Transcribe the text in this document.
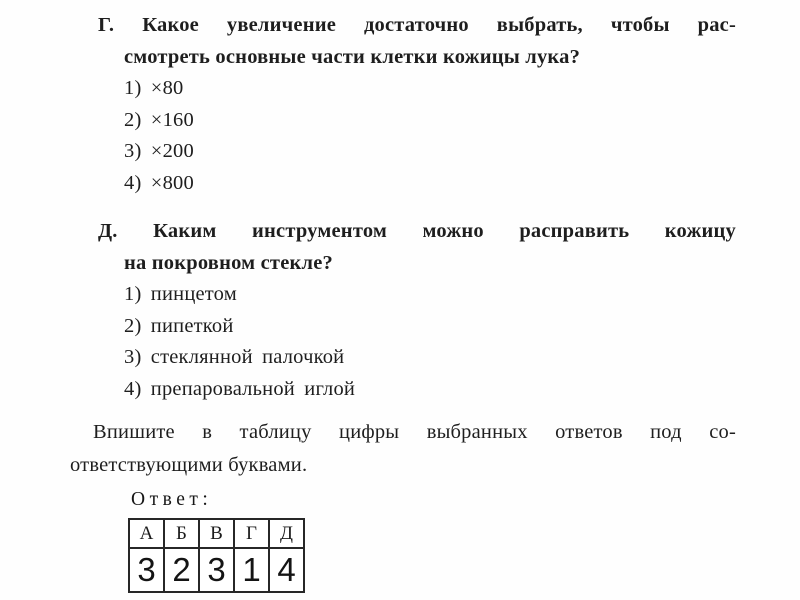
Г. Какое увеличение достаточно выбрать, чтобы рас-
смотреть основные части клетки кожицы лука?
1) ×80
2) ×160
3) ×200
4) ×800
Д. Каким инструментом можно расправить кожицу
на покровном стекле?
1) пинцетом
2) пипеткой
3) стеклянной палочкой
4) препаровальной иглой
Впишите в таблицу цифры выбранных ответов под со-
ответствующими буквами.
Ответ:
А	Б	В	Г	Д
3	2	3	1	4
